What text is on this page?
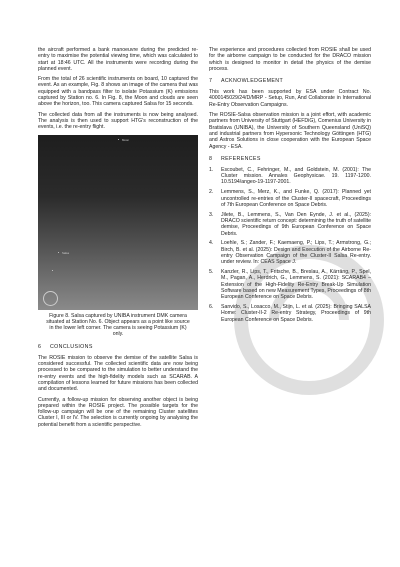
the aircraft performed a bank manoeuvre during the predicted re-entry to maximise the potential viewing time, which was calculated to start at 18:46 UTC. All the instruments were recording during the planned event.

From the total of 26 scientific instruments on board, 10 captured the event. As an example, Fig. 8 shows an image of the camera that was equipped with a bandpass filter to isolate Potassium (K) emissions captured by Station no. 6. In Fig. 8, the Moon and clouds are seen above the horizon, too. This camera captured Salsa for 15 seconds.

The collected data from all the instruments is now being analysed. The analysis is then used to support HTG's reconstruction of the events, i.e. the re-entry flight.

Moon
Salsa
Figure 8. Salsa captured by UNIBA instrument DMK camera situated at Station No. 6. Object appears as a point like source in the lower left corner. The camera is seeing Potassium (K) only.
6 CONCLUSIONS

The ROSIE mission to observe the demise of the satellite Salsa is considered successful. The collected scientific data are now being processed to be compared to the simulation to better understand the re-entry events and the high-fidelity models such as SCARAB. A compilation of lessons learned for future missions has been collected and documented.

Currently, a follow-up mission for observing another object is being prepared within the ROSIE project. The possible targets for the follow-up campaign will be one of the remaining Cluster satellites Cluster I, III or IV. The selection is currently ongoing by analysing the potential benefit from a scientific perspective.

The experience and procedures collected from ROSIE shall be used for the airborne campaign to be conducted for the DRACO mission which is designed to monitor in detail the physics of the demise process.

7 ACKNOWLEDGEMENT

This work has been supported by ESA under Contract No. 4000145029/24/D/MRP - Setup, Run, And Collaborate in International Re-Entry Observation Campaigns.

The ROSIE-Salsa observation mission is a joint effort, with academic partners from University of Stuttgart (HEFDiG), Comenius University in Bratislava (UNIBA), the University of Southern Queensland (UniSQ) and industrial partners from Hypersonic Technology Göttingen (HTG) and Astros Solutions in close cooperation with the European Space Agency - ESA.

8 REFERENCES
1. Escoubet, C., Fehringer, M., and Goldstein, M. (2001): The Cluster mission. Annales Geophysicae. 19. 1197-1200. 10.5194/angeo-19-1197-2001.
2. Lemmens, S., Merz, K., and Funke, Q. (2017): Planned yet uncontrolled re-entries of the Cluster-II spacecraft, Proceedings of 7th European Conference on Space Debris.
3. Jilete, B., Lemmens, S., Van Den Eynde, J. et al., (2025): DRACO scientific return concept: determining the truth of satellite demise, Proceedings of 9th European Conference on Space Debris.
4. Loehle, S.; Zander, F.; Kaemaeng, P.; Lips, T.; Armstrong, G.; Birch, B. et al. (2025): Design and Execution of the Airborne Re-entry Observation Campaign of the Cluster-II Salsa Re-entry. under review. In: CEAS Space J.
5. Kanzler, R., Lips, T., Fritsche, B., Breslau, A., Kärräng, P., Spel, M., Pagan, A., Herdrich, G., Lemmens, S. (2021): SCARAB4 – Extension of the High-Fidelity Re-Entry Break-Up Simulation Software based on new Measurement Types, Proceedings of 8th European Conference on Space Debris.
6. Sanvido, S., Losacco, M., Stijn, L. et al. (2025): Bringing SALSA Home: Cluster-II-2 Re-entry Strategy, Proceedings of 9th European Conference on Space Debris.
